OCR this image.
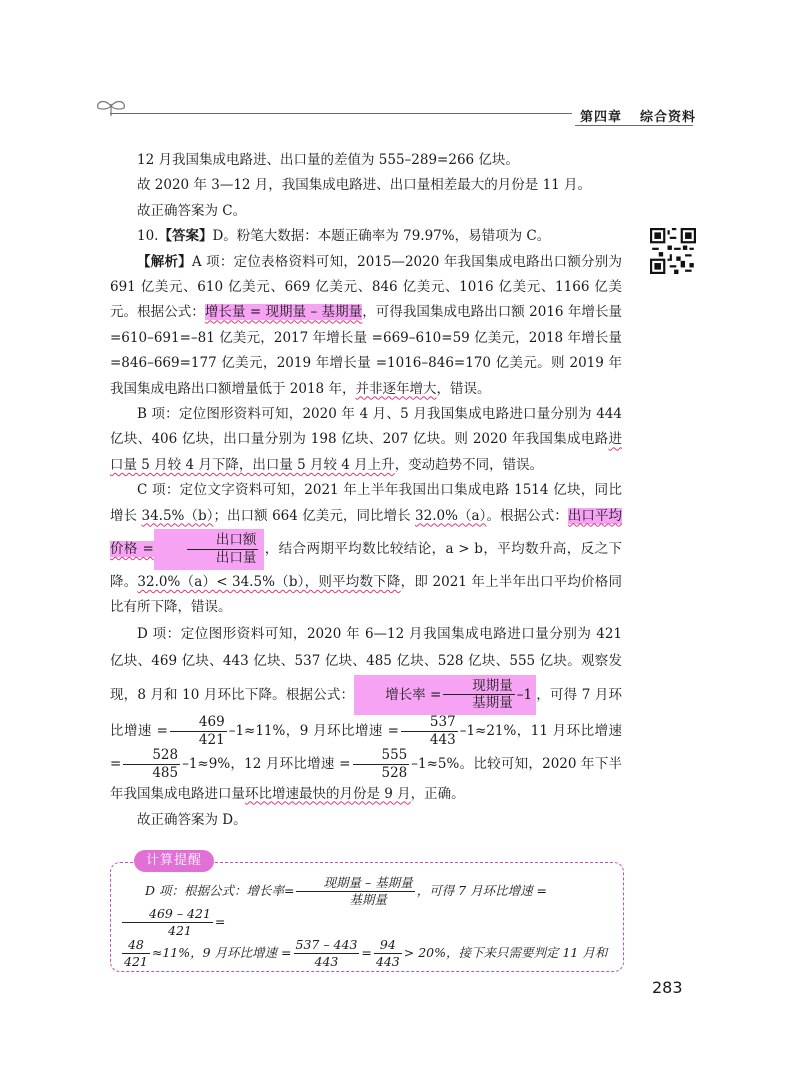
第四章 综合资料

12 月我国集成电路进、出口量的差值为 555–289=266 亿块。

故 2020 年 3—12 月，我国集成电路进、出口量相差最大的月份是 11 月。

故正确答案为 C。

10.【答案】D。粉笔大数据：本题正确率为 79.97%，易错项为 C。

【解析】A 项：定位表格资料可知，2015—2020 年我国集成电路出口额分别为 691 亿美元、610 亿美元、669 亿美元、846 亿美元、1016 亿美元、1166 亿美元。根据公式：增长量 = 现期量 – 基期量，可得我国集成电路出口额 2016 年增长量 =610–691=–81 亿美元，2017 年增长量 =669–610=59 亿美元，2018 年增长量 =846–669=177 亿美元，2019 年增长量 =1016–846=170 亿美元。则 2019 年我国集成电路出口额增量低于 2018 年，并非逐年增大，错误。

B 项：定位图形资料可知，2020 年 4 月、5 月我国集成电路进口量分别为 444 亿块、406 亿块，出口量分别为 198 亿块、207 亿块。则 2020 年我国集成电路进口量 5 月较 4 月下降，出口量 5 月较 4 月上升，变动趋势不同，错误。

C 项：定位文字资料可知，2021 年上半年我国出口集成电路 1514 亿块，同比增长 34.5%（b）；出口额 664 亿美元，同比增长 32.0%（a）。根据公式：出口平均价格 = $\frac{\text{出口额}}{\text{出口量}}$ ，结合两期平均数比较结论，a > b，平均数升高，反之下降。32.0%（a）< 34.5%（b），则平均数下降，即 2021 年上半年出口平均价格同比有所下降，错误。

D 项：定位图形资料可知，2020 年 6—12 月我国集成电路进口量分别为 421 亿块、469 亿块、443 亿块、537 亿块、485 亿块、528 亿块、555 亿块。观察发现，8 月和 10 月环比下降。根据公式： 增长率 = $\frac{\text{现期量}}{\text{基期量}} -1$ ，可得 7 月环比增速 = $\frac{469}{421} -1\approx 11\%$，9 月环比增速 = $\frac{537}{443} -1\approx 21\%$，11 月环比增速 = $\frac{528}{485} -1\approx 9\%$，12 月环比增速 = $\frac{555}{528} -1\approx 5\%$。比较可知，2020 年下半年我国集成电路进口量环比增速最快的月份是 9 月，正确。

故正确答案为 D。

计算提醒
D 项：根据公式：增长率= $\frac{\text{现期量 – 基期量}}{\text{基期量}}$ ，可得 7 月环比增速 =
$\frac{469 - 421}{421}$ =
$\frac{48}{421} \approx 11\%$，9 月环比增速 = $\frac{537 - 443}{443} = \frac{94}{443} > 20\%$，接下来只需要判定 11 月和
283
